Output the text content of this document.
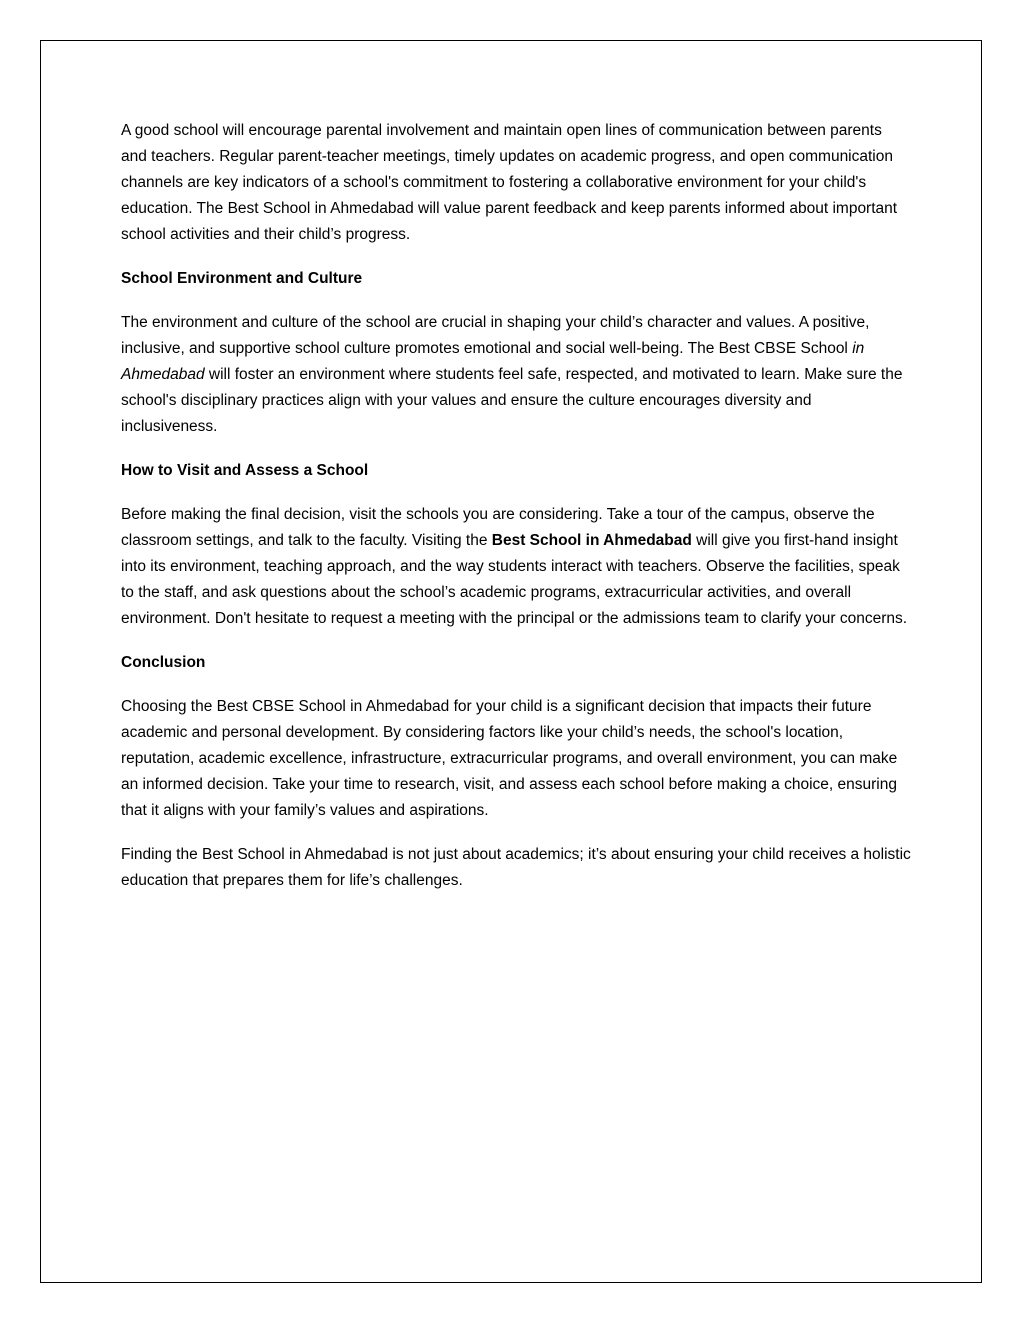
A good school will encourage parental involvement and maintain open lines of communication between parents and teachers. Regular parent-teacher meetings, timely updates on academic progress, and open communication channels are key indicators of a school's commitment to fostering a collaborative environment for your child's education. The Best School in Ahmedabad will value parent feedback and keep parents informed about important school activities and their child’s progress.

School Environment and Culture

The environment and culture of the school are crucial in shaping your child’s character and values. A positive, inclusive, and supportive school culture promotes emotional and social well-being. The Best CBSE School in Ahmedabad will foster an environment where students feel safe, respected, and motivated to learn. Make sure the school's disciplinary practices align with your values and ensure the culture encourages diversity and inclusiveness.

How to Visit and Assess a School

Before making the final decision, visit the schools you are considering. Take a tour of the campus, observe the classroom settings, and talk to the faculty. Visiting the Best School in Ahmedabad will give you first-hand insight into its environment, teaching approach, and the way students interact with teachers. Observe the facilities, speak to the staff, and ask questions about the school’s academic programs, extracurricular activities, and overall environment. Don't hesitate to request a meeting with the principal or the admissions team to clarify your concerns.

Conclusion

Choosing the Best CBSE School in Ahmedabad for your child is a significant decision that impacts their future academic and personal development. By considering factors like your child’s needs, the school's location, reputation, academic excellence, infrastructure, extracurricular programs, and overall environment, you can make an informed decision. Take your time to research, visit, and assess each school before making a choice, ensuring that it aligns with your family’s values and aspirations.

Finding the Best School in Ahmedabad is not just about academics; it’s about ensuring your child receives a holistic education that prepares them for life’s challenges.
